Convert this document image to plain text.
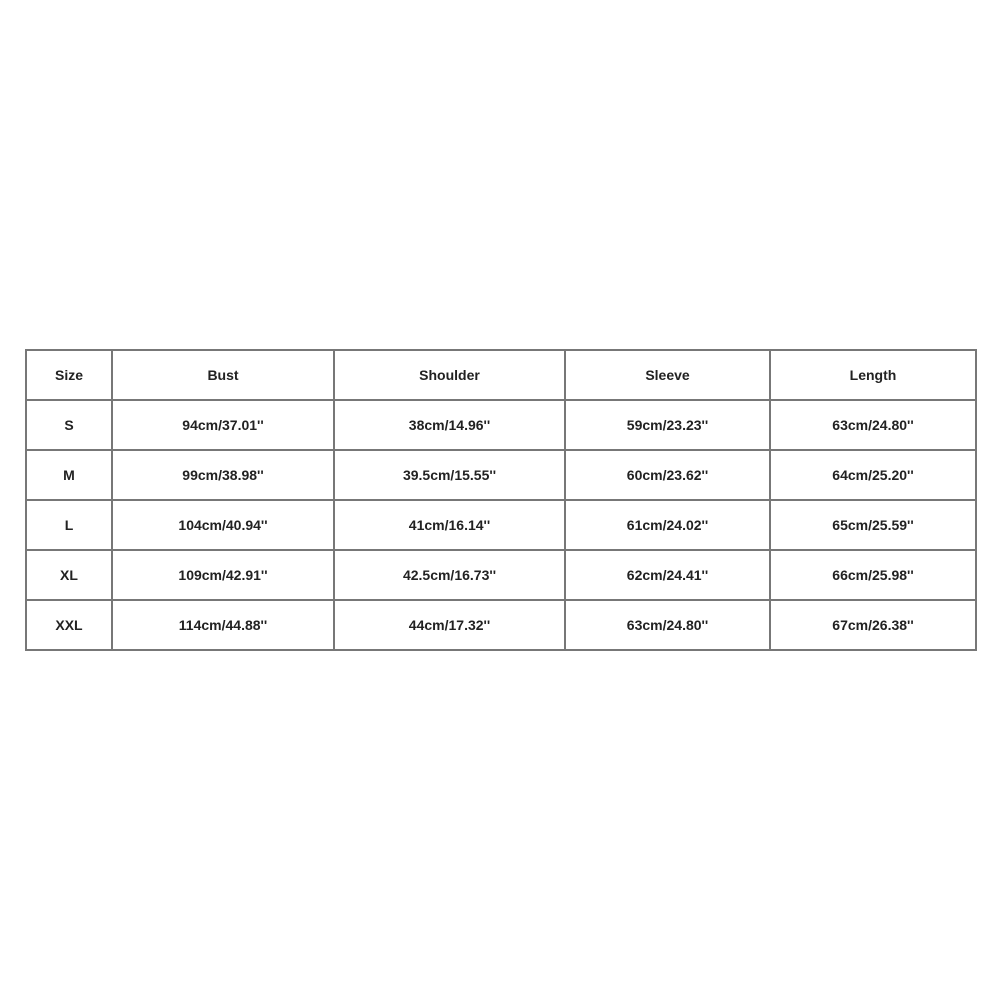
Size	Bust	Shoulder	Sleeve	Length
S	94cm/37.01''	38cm/14.96''	59cm/23.23''	63cm/24.80''
M	99cm/38.98''	39.5cm/15.55''	60cm/23.62''	64cm/25.20''
L	104cm/40.94''	41cm/16.14''	61cm/24.02''	65cm/25.59''
XL	109cm/42.91''	42.5cm/16.73''	62cm/24.41''	66cm/25.98''
XXL	114cm/44.88''	44cm/17.32''	63cm/24.80''	67cm/26.38''
